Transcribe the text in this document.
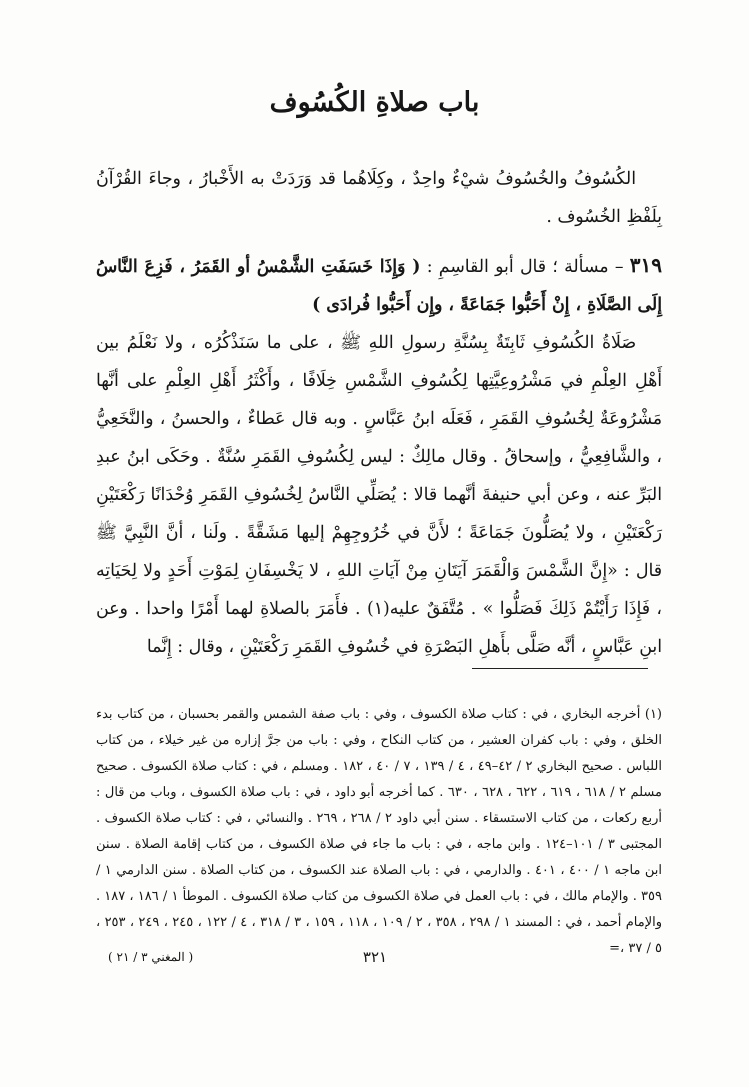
باب صلاةِ الكُسُوف

الكُسُوفُ والخُسُوفُ شيْءٌ واحِدٌ ، وكِلَاهُما قد وَرَدَتْ به الأَخْبارُ ، وجاءَ القُرْآنُ بِلَفْظِ الخُسُوف .

٣١٩ – مسألة ؛ قال أبو القاسِمِ : ( وَإِذَا خَسَفَتِ الشَّمْسُ أو القَمَرُ ، فَزِعَ النَّاسُ إِلَى الصَّلَاةِ ، إِنْ أَحَبُّوا جَمَاعَةً ، وإِن أَحَبُّوا فُرادَى )

صَلَاةُ الكُسُوفِ ثَابِتَةٌ بِسُنَّةِ رسولِ اللهِ ﷺ ، على ما سَنَذْكُرُه ، ولا نَعْلَمُ بين أَهْلِ العِلْمِ في مَشْرُوعِيَّتِها لِكُسُوفِ الشَّمْسِ خِلَافًا ، وأَكْثَرُ أَهْلِ العِلْمِ على أنَّها مَشْرُوعَةٌ لِخُسُوفِ القَمَرِ ، فَعَلَه ابنُ عَبَّاسٍ . وبه قال عَطاءٌ ، والحسنُ ، والنَّخَعِيُّ ، والشَّافِعِيُّ ، وإسحاقُ . وقال مالِكٌ : ليس لِكُسُوفِ القَمَرِ سُنَّةٌ . وحَكَى ابنُ عبدِ البَرِّ عنه ، وعن أبي حنيفةَ أنَّهما قالا : يُصَلِّي النَّاسُ لِخُسُوفِ القَمَرِ وُحْدَانًا رَكْعَتَيْنِ رَكْعَتَيْنِ ، ولا يُصَلُّونَ جَمَاعَةً ؛ لأَنَّ في خُرُوجِهِمْ إليها مَشَقَّةً . ولَنا ، أنَّ النَّبِيَّ ﷺ قال : «إِنَّ الشَّمْسَ وَالْقَمَرَ آيَتَانِ مِنْ آيَاتِ اللهِ ، لا يَخْسِفَانِ لِمَوْتِ أَحَدٍ ولا لِحَيَاتِه ، فَإِذَا رَأَيْتُمْ ذَلِكَ فَصَلُّوا » . مُتَّفَقٌ عليه(١) . فأَمَرَ بالصلاةِ لهما أَمْرًا واحدا . وعن ابنِ عَبَّاسٍ ، أنَّه صَلَّى بأَهلِ البَصْرَةِ في خُسُوفِ القَمَرِ رَكْعَتَيْنِ ، وقال : إِنَّما

(١) أخرجه البخاري ، في : كتاب صلاة الكسوف ، وفي : باب صفة الشمس والقمر بحسبان ، من كتاب بدء الخلق ، وفي : باب كفران العشير ، من كتاب النكاح ، وفي : باب من جرَّ إزاره من غير خيلاء ، من كتاب اللباس . صحيح البخاري ٢ / ٤٢–٤٩ ، ٤ / ١٣٩ ، ٧ / ٤٠ ، ١٨٢ . ومسلم ، في : كتاب صلاة الكسوف . صحيح مسلم ٢ / ٦١٨ ، ٦١٩ ، ٦٢٢ ، ٦٢٨ ، ٦٣٠ . كما أخرجه أبو داود ، في : باب صلاة الكسوف ، وباب من قال : أربع ركعات ، من كتاب الاستسقاء . سنن أبي داود ٢ / ٢٦٨ ، ٢٦٩ . والنسائي ، في : كتاب صلاة الكسوف . المجتبى ٣ / ١٠١–١٢٤ . وابن ماجه ، في : باب ما جاء في صلاة الكسوف ، من كتاب إقامة الصلاة . سنن ابن ماجه ١ / ٤٠٠ ، ٤٠١ . والدارمي ، في : باب الصلاة عند الكسوف ، من كتاب الصلاة . سنن الدارمي ١ / ٣٥٩ . والإمام مالك ، في : باب العمل في صلاة الكسوف من كتاب صلاة الكسوف . الموطأ ١ / ١٨٦ ، ١٨٧ . والإمام أحمد ، في : المسند ١ / ٢٩٨ ، ٣٥٨ ، ٢ / ١٠٩ ، ١١٨ ، ١٥٩ ، ٣ / ٣١٨ ، ٤ / ١٢٢ ، ٢٤٥ ، ٢٤٩ ، ٢٥٣ ، ٥ / ٣٧ ،=

٣٢١
( المغني ٣ / ٢١ )
